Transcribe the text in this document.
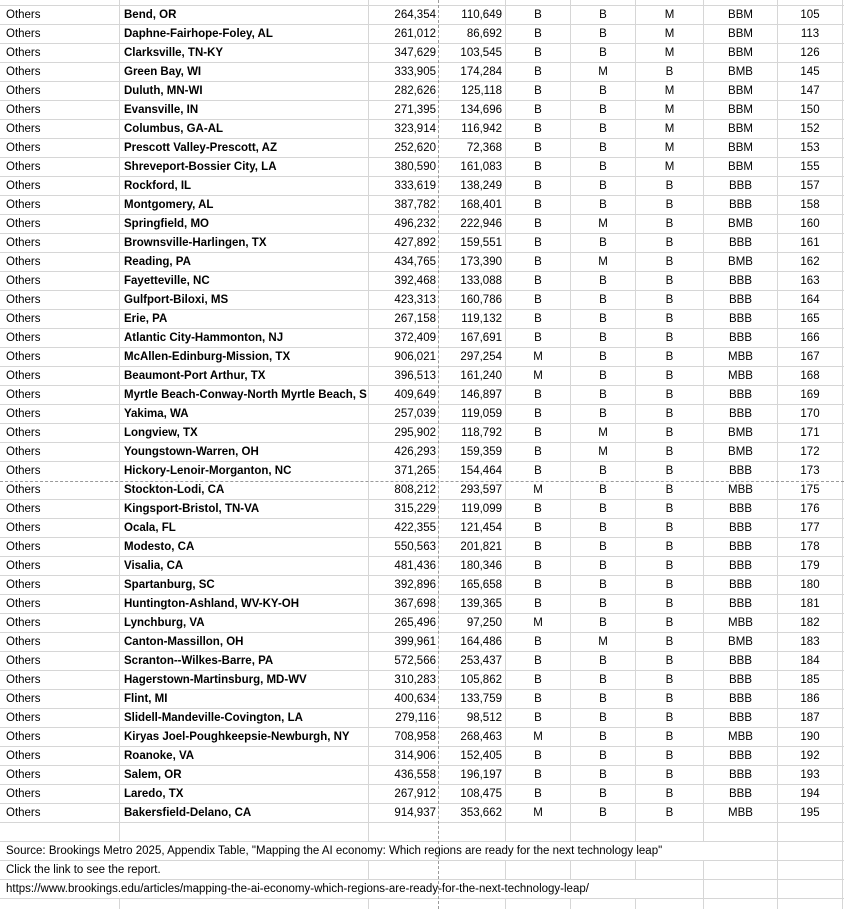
Others	Bend, OR	264,354	110,649	B	B	M	BBM	105
Others	Daphne-Fairhope-Foley, AL	261,012	86,692	B	B	M	BBM	113
Others	Clarksville, TN-KY	347,629	103,545	B	B	M	BBM	126
Others	Green Bay, WI	333,905	174,284	B	M	B	BMB	145
Others	Duluth, MN-WI	282,626	125,118	B	B	M	BBM	147
Others	Evansville, IN	271,395	134,696	B	B	M	BBM	150
Others	Columbus, GA-AL	323,914	116,942	B	B	M	BBM	152
Others	Prescott Valley-Prescott, AZ	252,620	72,368	B	B	M	BBM	153
Others	Shreveport-Bossier City, LA	380,590	161,083	B	B	M	BBM	155
Others	Rockford, IL	333,619	138,249	B	B	B	BBB	157
Others	Montgomery, AL	387,782	168,401	B	B	B	BBB	158
Others	Springfield, MO	496,232	222,946	B	M	B	BMB	160
Others	Brownsville-Harlingen, TX	427,892	159,551	B	B	B	BBB	161
Others	Reading, PA	434,765	173,390	B	M	B	BMB	162
Others	Fayetteville, NC	392,468	133,088	B	B	B	BBB	163
Others	Gulfport-Biloxi, MS	423,313	160,786	B	B	B	BBB	164
Others	Erie, PA	267,158	119,132	B	B	B	BBB	165
Others	Atlantic City-Hammonton, NJ	372,409	167,691	B	B	B	BBB	166
Others	McAllen-Edinburg-Mission, TX	906,021	297,254	M	B	B	MBB	167
Others	Beaumont-Port Arthur, TX	396,513	161,240	M	B	B	MBB	168
Others	Myrtle Beach-Conway-North Myrtle Beach, S	409,649	146,897	B	B	B	BBB	169
Others	Yakima, WA	257,039	119,059	B	B	B	BBB	170
Others	Longview, TX	295,902	118,792	B	M	B	BMB	171
Others	Youngstown-Warren, OH	426,293	159,359	B	M	B	BMB	172
Others	Hickory-Lenoir-Morganton, NC	371,265	154,464	B	B	B	BBB	173
Others	Stockton-Lodi, CA	808,212	293,597	M	B	B	MBB	175
Others	Kingsport-Bristol, TN-VA	315,229	119,099	B	B	B	BBB	176
Others	Ocala, FL	422,355	121,454	B	B	B	BBB	177
Others	Modesto, CA	550,563	201,821	B	B	B	BBB	178
Others	Visalia, CA	481,436	180,346	B	B	B	BBB	179
Others	Spartanburg, SC	392,896	165,658	B	B	B	BBB	180
Others	Huntington-Ashland, WV-KY-OH	367,698	139,365	B	B	B	BBB	181
Others	Lynchburg, VA	265,496	97,250	M	B	B	MBB	182
Others	Canton-Massillon, OH	399,961	164,486	B	M	B	BMB	183
Others	Scranton--Wilkes-Barre, PA	572,566	253,437	B	B	B	BBB	184
Others	Hagerstown-Martinsburg, MD-WV	310,283	105,862	B	B	B	BBB	185
Others	Flint, MI	400,634	133,759	B	B	B	BBB	186
Others	Slidell-Mandeville-Covington, LA	279,116	98,512	B	B	B	BBB	187
Others	Kiryas Joel-Poughkeepsie-Newburgh, NY	708,958	268,463	M	B	B	MBB	190
Others	Roanoke, VA	314,906	152,405	B	B	B	BBB	192
Others	Salem, OR	436,558	196,197	B	B	B	BBB	193
Others	Laredo, TX	267,912	108,475	B	B	B	BBB	194
Others	Bakersfield-Delano, CA	914,937	353,662	M	B	B	MBB	195
Source: Brookings Metro 2025, Appendix Table, "Mapping the AI economy: Which regions are ready for the next technology leap"
Click the link to see the report.
https://www.brookings.edu/articles/mapping-the-ai-economy-which-regions-are-ready-for-the-next-technology-leap/
